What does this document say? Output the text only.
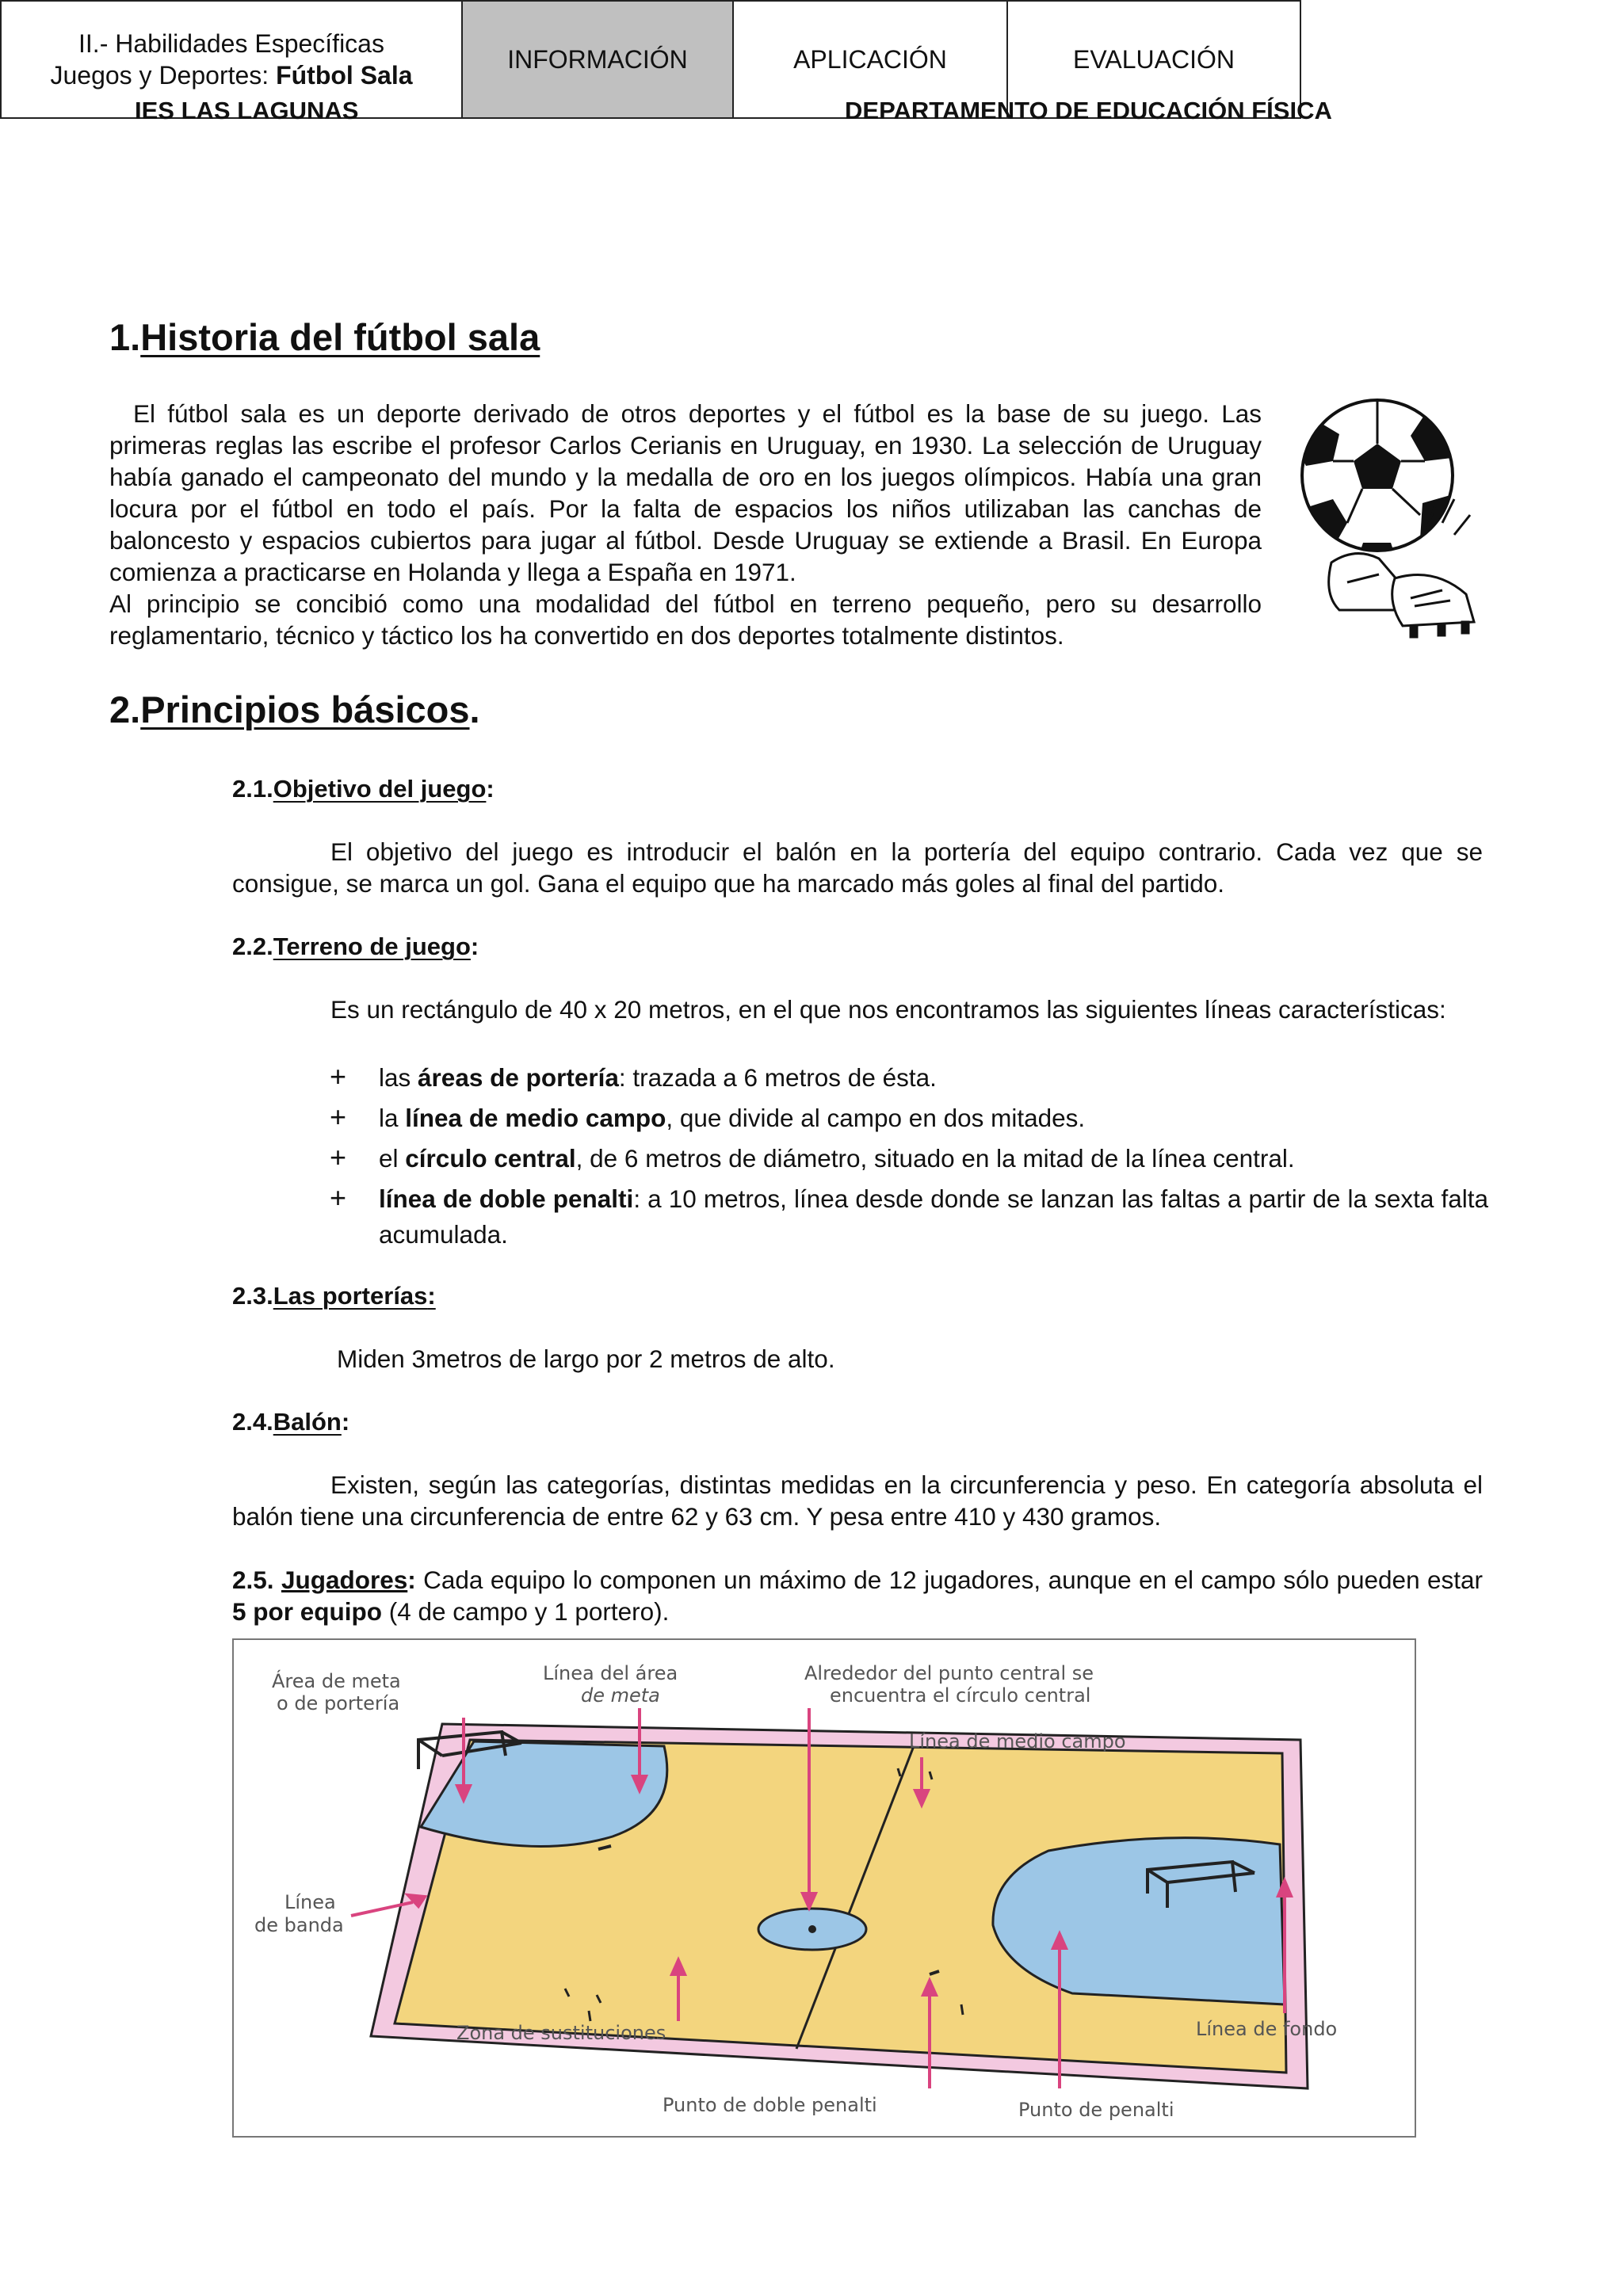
IES LAS LAGUNAS	DEPARTAMENTO DE EDUCACIÓN FÍSICA
II.- Habilidades Específicas
Juegos y Deportes: Fútbol Sala
INFORMACIÓN	APLICACIÓN	EVALUACIÓN
1.Historia del fútbol sala
El fútbol sala es un deporte derivado de otros deportes y el fútbol es la base de su juego. Las primeras reglas las escribe el profesor Carlos Cerianis en Uruguay, en 1930. La selección de Uruguay había ganado el campeonato del mundo y la medalla de oro en los juegos olímpicos. Había una gran locura por el fútbol en todo el país. Por la falta de espacios los niños utilizaban las canchas de baloncesto y espacios cubiertos para jugar al fútbol. Desde Uruguay se extiende a Brasil. En Europa comienza a practicarse en Holanda y llega a España en 1971.
Al principio se concibió como una modalidad del fútbol en terreno pequeño, pero su desarrollo reglamentario, técnico y táctico los ha convertido en dos deportes totalmente distintos.
2.Principios básicos.
2.1.Objetivo del juego:
El objetivo del juego es introducir el balón en la portería del equipo contrario. Cada vez que se consigue, se marca un gol. Gana el equipo que ha marcado más goles al final del partido.
2.2.Terreno de juego:
Es un rectángulo de 40 x 20 metros, en el que nos encontramos las siguientes líneas características:
+ las áreas de portería: trazada a 6 metros de ésta.
+ la línea de medio campo, que divide al campo en dos mitades.
+ el círculo central, de 6 metros de diámetro, situado en la mitad de la línea central.
+ línea de doble penalti: a 10 metros, línea desde donde se lanzan las faltas a partir de la sexta falta acumulada.
2.3.Las porterías:
Miden 3metros de largo por 2 metros de alto.
2.4.Balón:
Existen, según las categorías, distintas medidas en la circunferencia y peso. En categoría absoluta el balón tiene una circunferencia de entre 62 y 63 cm. Y pesa entre 410 y 430 gramos.
2.5. Jugadores: Cada equipo lo componen un máximo de 12 jugadores, aunque en el campo sólo pueden estar 5 por equipo (4 de campo y 1 portero).
Área de meta
o de portería
Línea del área
de meta
Alrededor del punto central se
encuentra el círculo central
Línea de medio campo
Línea
de banda
Zona de sustituciones	Línea de fondo
Punto de doble penalti	Punto de penalti
